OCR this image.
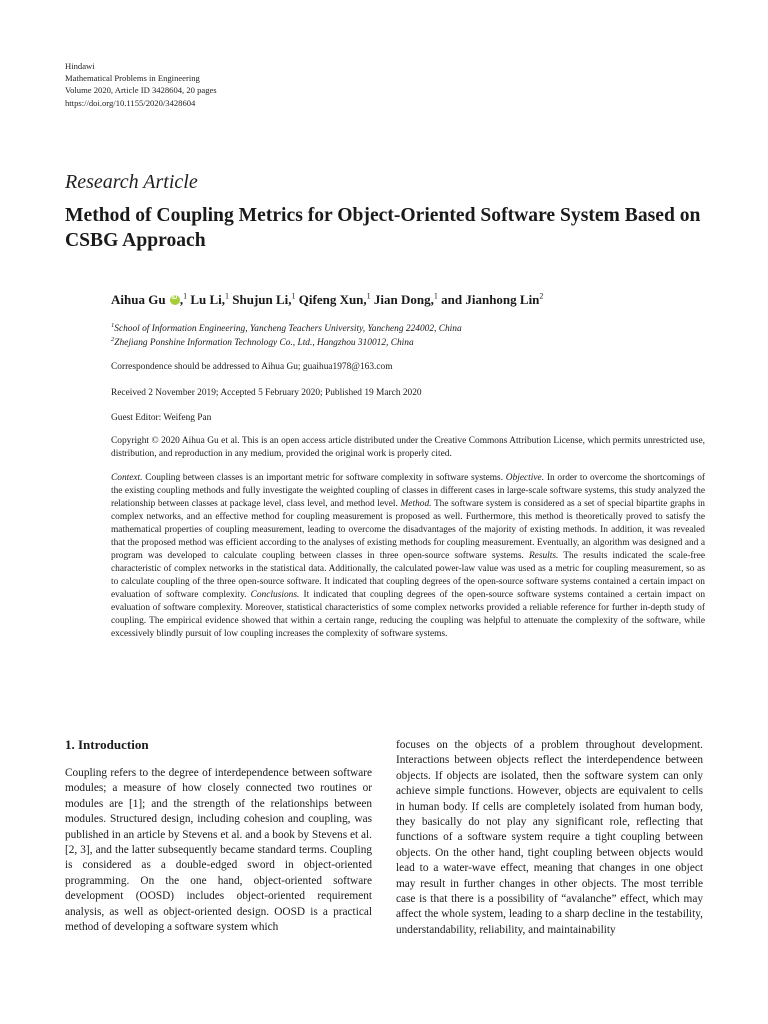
Hindawi
Mathematical Problems in Engineering
Volume 2020, Article ID 3428604, 20 pages
https://doi.org/10.1155/2020/3428604
Research Article
Method of Coupling Metrics for Object-Oriented Software System Based on CSBG Approach
Aihua Gu iD ,$^1$ Lu Li,$^1$ Shujun Li,$^1$ Qifeng Xun,$^1$ Jian Dong,$^1$ and Jianhong Lin$^2$
$^1$School of Information Engineering, Yancheng Teachers University, Yancheng 224002, China
$^2$Zhejiang Ponshine Information Technology Co., Ltd., Hangzhou 310012, China
Correspondence should be addressed to Aihua Gu; guaihua1978@163.com
Received 2 November 2019; Accepted 5 February 2020; Published 19 March 2020
Guest Editor: Weifeng Pan
Copyright © 2020 Aihua Gu et al. This is an open access article distributed under the Creative Commons Attribution License, which permits unrestricted use, distribution, and reproduction in any medium, provided the original work is properly cited.

Context. Coupling between classes is an important metric for software complexity in software systems. Objective. In order to overcome the shortcomings of the existing coupling methods and fully investigate the weighted coupling of classes in different cases in large-scale software systems, this study analyzed the relationship between classes at package level, class level, and method level. Method. The software system is considered as a set of special bipartite graphs in complex networks, and an effective method for coupling measurement is proposed as well. Furthermore, this method is theoretically proved to satisfy the mathematical properties of coupling measurement, leading to overcome the disadvantages of the majority of existing methods. In addition, it was revealed that the proposed method was efficient according to the analyses of existing methods for coupling measurement. Eventually, an algorithm was designed and a program was developed to calculate coupling between classes in three open-source software systems. Results. The results indicated the scale-free characteristic of complex networks in the statistical data. Additionally, the calculated power-law value was used as a metric for coupling measurement, so as to calculate coupling of the three open-source software. It indicated that coupling degrees of the open-source software systems contained a certain impact on evaluation of software complexity. Conclusions. It indicated that coupling degrees of the open-source software systems contained a certain impact on evaluation of software complexity. Moreover, statistical characteristics of some complex networks provided a reliable reference for further in-depth study of coupling. The empirical evidence showed that within a certain range, reducing the coupling was helpful to attenuate the complexity of the software, while excessively blindly pursuit of low coupling increases the complexity of software systems.

1. Introduction

Coupling refers to the degree of interdependence between software modules; a measure of how closely connected two routines or modules are [1]; and the strength of the relationships between modules. Structured design, including cohesion and coupling, was published in an article by Stevens et al. and a book by Stevens et al. [2, 3], and the latter subsequently became standard terms. Coupling is considered as a double-edged sword in object-oriented programming. On the one hand, object-oriented software development (OOSD) includes object-oriented requirement analysis, as well as object-oriented design. OOSD is a practical method of developing a software system which

focuses on the objects of a problem throughout development. Interactions between objects reflect the interdependence between objects. If objects are isolated, then the software system can only achieve simple functions. However, objects are equivalent to cells in human body. If cells are completely isolated from human body, they basically do not play any significant role, reflecting that functions of a software system require a tight coupling between objects. On the other hand, tight coupling between objects would lead to a water-wave effect, meaning that changes in one object may result in further changes in other objects. The most terrible case is that there is a possibility of “avalanche” effect, which may affect the whole system, leading to a sharp decline in the testability, understandability, reliability, and maintainability
